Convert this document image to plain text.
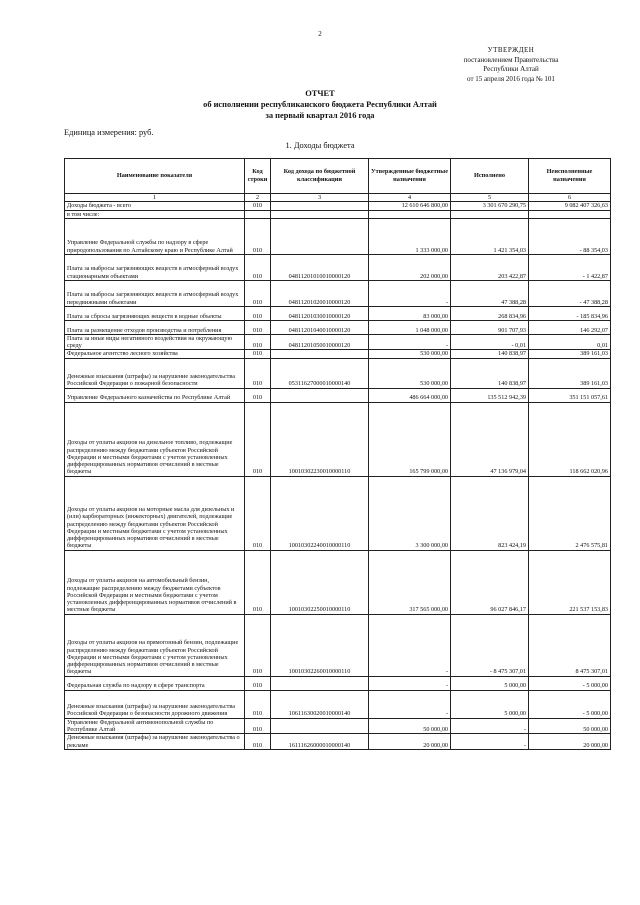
2
УТВЕРЖДЕН
постановлением Правительства
Республики Алтай
от 15 апреля 2016 года № 101
ОТЧЕТ
об исполнении республиканского бюджета Республики Алтай
за первый квартал 2016 года
Единица измерения: руб.
1. Доходы бюджета
Наименование показателя	Код строки	Код дохода по бюджетной классификации	Утвержденные бюджетные назначения	Исполнено	Неисполненные назначения
1	2	3	4	5	6
Доходы бюджета - всего	010		12 610 646 800,00	3 301 670 290,75	9 082 407 326,63
в том числе:					
Управление Федеральной службы по надзору в сфере природопользования по Алтайскому краю и Республике Алтай	010		1 333 000,00	1 421 354,03	- 88 354,03
Плата за выбросы загрязняющих веществ в атмосферный воздух стационарными объектами	010	04811201010010000120	202 000,00	203 422,87	- 1 422,87
Плата за выбросы загрязняющих веществ в атмосферный воздух передвижными объектами	010	04811201020010000120	-	47 388,28	- 47 388,28
Плата за сбросы загрязняющих веществ в водные объекты	010	04811201030010000120	83 000,00	268 834,96	- 185 834,96
Плата за размещение отходов производства и потребления	010	04811201040010000120	1 048 000,00	901 707,93	146 292,07
Плата за иные виды негативного воздействия на окружающую среду	010	04811201050010000120	-	- 0,01	0,01
Федеральное агентство лесного хозяйства	010		530 000,00	140 838,97	389 161,03
Денежные взыскания (штрафы) за нарушение законодательства Российской Федерации о пожарной безопасности	010	05311627000010000140	530 000,00	140 838,97	389 161,03
Управление Федерального казначейства по Республике Алтай	010		486 664 000,00	135 512 942,39	351 151 057,61
Доходы от уплаты акцизов на дизельное топливо, подлежащие распределению между бюджетами субъектов Российской Федерации и местными бюджетами с учетом установленных дифференцированных нормативов отчислений в местные бюджеты	010	10010302230010000110	165 799 000,00	47 136 979,04	118 662 020,96
Доходы от уплаты акцизов на моторные масла для дизельных и (или) карбюраторных (инжекторных) двигателей, подлежащие распределению между бюджетами субъектов Российской Федерации и местными бюджетами с учетом установленных дифференцированных нормативов отчислений в местные бюджеты	010	10010302240010000110	3 300 000,00	823 424,19	2 476 575,81
Доходы от уплаты акцизов на автомобильный бензин, подлежащие распределению между бюджетами субъектов Российской Федерации и местными бюджетами с учетом установленных дифференцированных нормативов отчислений в местные бюджеты	010	10010302250010000110	317 565 000,00	96 027 846,17	221 537 153,83
Доходы от уплаты акцизов на прямогонный бензин, подлежащие распределению между бюджетами субъектов Российской Федерации и местными бюджетами с учетом установленных дифференцированных нормативов отчислений в местные бюджеты	010	10010302260010000110	-	- 8 475 307,01	8 475 307,01
Федеральная служба по надзору в сфере транспорта	010		-	5 000,00	- 5 000,00
Денежные взыскания (штрафы) за нарушение законодательства Российской Федерации о безопасности дорожного движения	010	10611630020010000140	-	5 000,00	- 5 000,00
Управление Федеральной антимонопольной службы по Республике Алтай	010		50 000,00	-	50 000,00
Денежные взыскания (штрафы) за нарушение законодательства о рекламе	010	16111626000010000140	20 000,00	-	20 000,00
